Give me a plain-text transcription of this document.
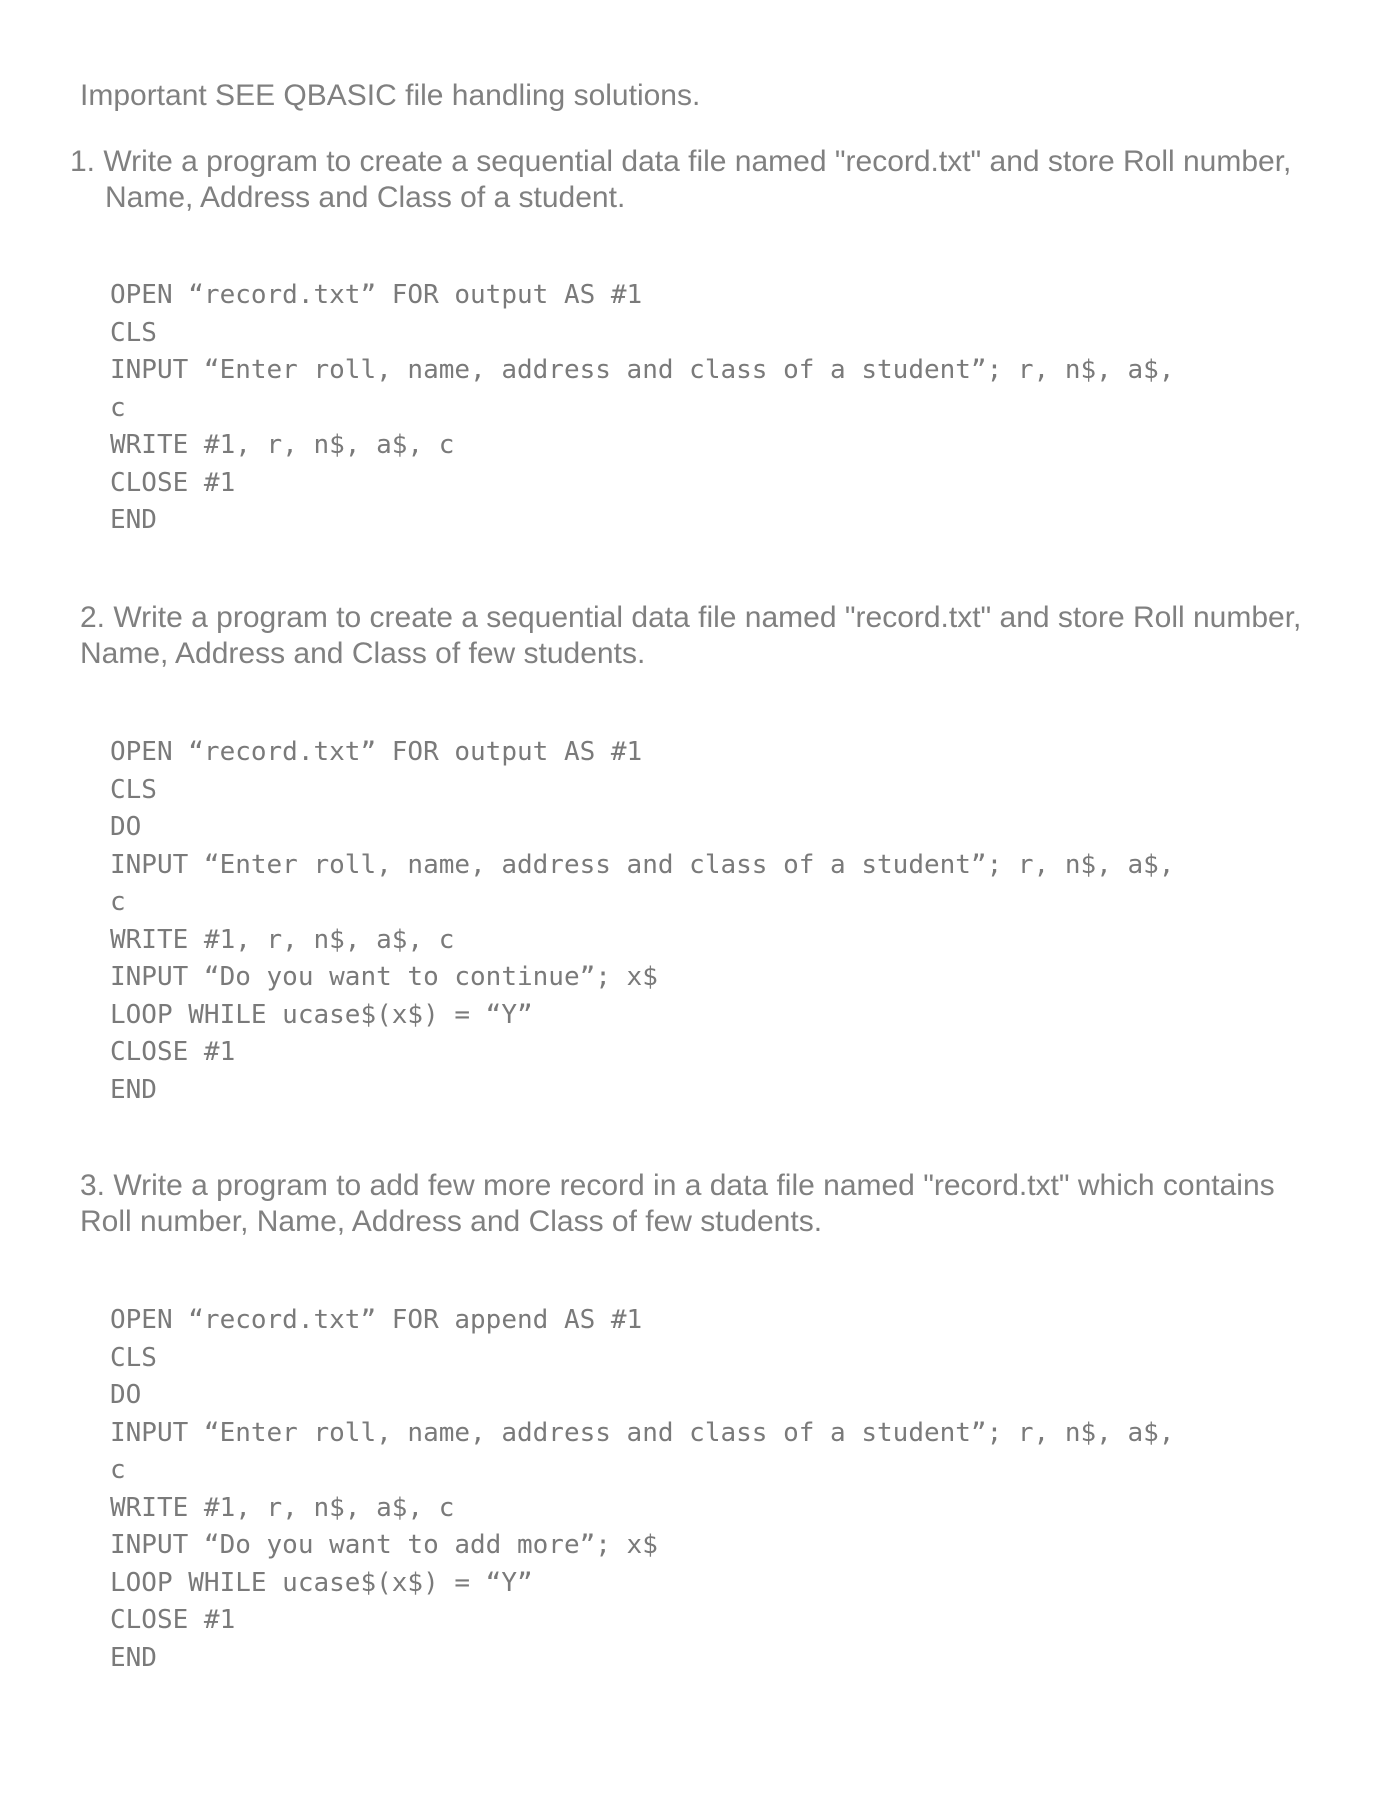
Important SEE QBASIC file handling solutions.
1. Write a program to create a sequential data file named "record.txt" and store Roll number, Name, Address and Class of a student.
OPEN “record.txt” FOR output AS #1
CLS
INPUT “Enter roll, name, address and class of a student”; r, n$, a$,
c
WRITE #1, r, n$, a$, c
CLOSE #1
END
2. Write a program to create a sequential data file named "record.txt" and store Roll number, Name, Address and Class of few students.
OPEN “record.txt” FOR output AS #1
CLS
DO
INPUT “Enter roll, name, address and class of a student”; r, n$, a$,
c
WRITE #1, r, n$, a$, c
INPUT “Do you want to continue”; x$
LOOP WHILE ucase$(x$) = “Y”
CLOSE #1
END
3. Write a program to add few more record in a data file named "record.txt" which contains Roll number, Name, Address and Class of few students.
OPEN “record.txt” FOR append AS #1
CLS
DO
INPUT “Enter roll, name, address and class of a student”; r, n$, a$,
c
WRITE #1, r, n$, a$, c
INPUT “Do you want to add more”; x$
LOOP WHILE ucase$(x$) = “Y”
CLOSE #1
END
